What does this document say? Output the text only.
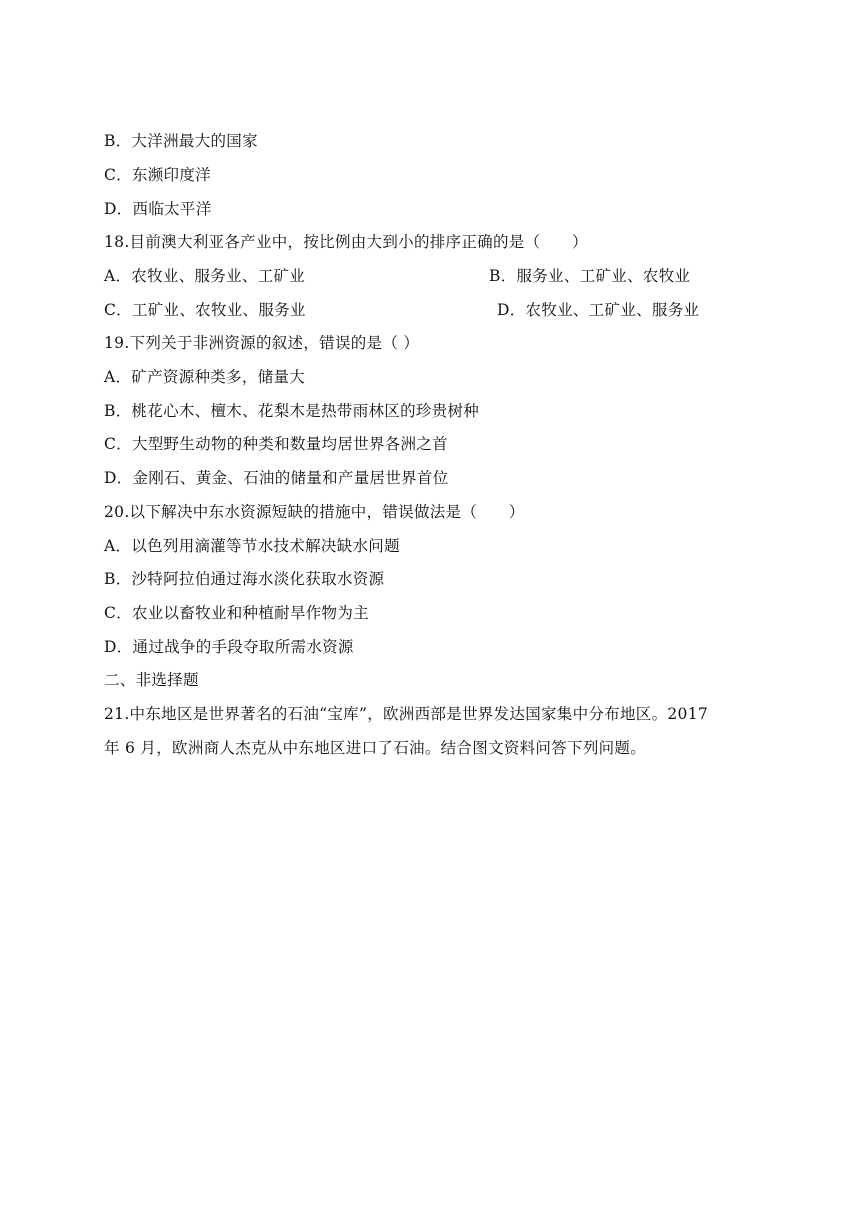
B．大洋洲最大的国家
C．东濒印度洋
D．西临太平洋
18.目前澳大利亚各产业中，按比例由大到小的排序正确的是（　　）
A．农牧业、服务业、工矿业	B．服务业、工矿业、农牧业
C．工矿业、农牧业、服务业	D．农牧业、工矿业、服务业
19.下列关于非洲资源的叙述，错误的是（ ）
A．矿产资源种类多，储量大
B．桃花心木、檀木、花梨木是热带雨林区的珍贵树种
C．大型野生动物的种类和数量均居世界各洲之首
D．金刚石、黄金、石油的储量和产量居世界首位
20.以下解决中东水资源短缺的措施中，错误做法是（　　）
A．以色列用滴灌等节水技术解决缺水问题
B．沙特阿拉伯通过海水淡化获取水资源
C．农业以畜牧业和种植耐旱作物为主
D．通过战争的手段夺取所需水资源
二、非选择题
21.中东地区是世界著名的石油“宝库”，欧洲西部是世界发达国家集中分布地区。2017
年 6 月，欧洲商人杰克从中东地区进口了石油。结合图文资料问答下列问题。
